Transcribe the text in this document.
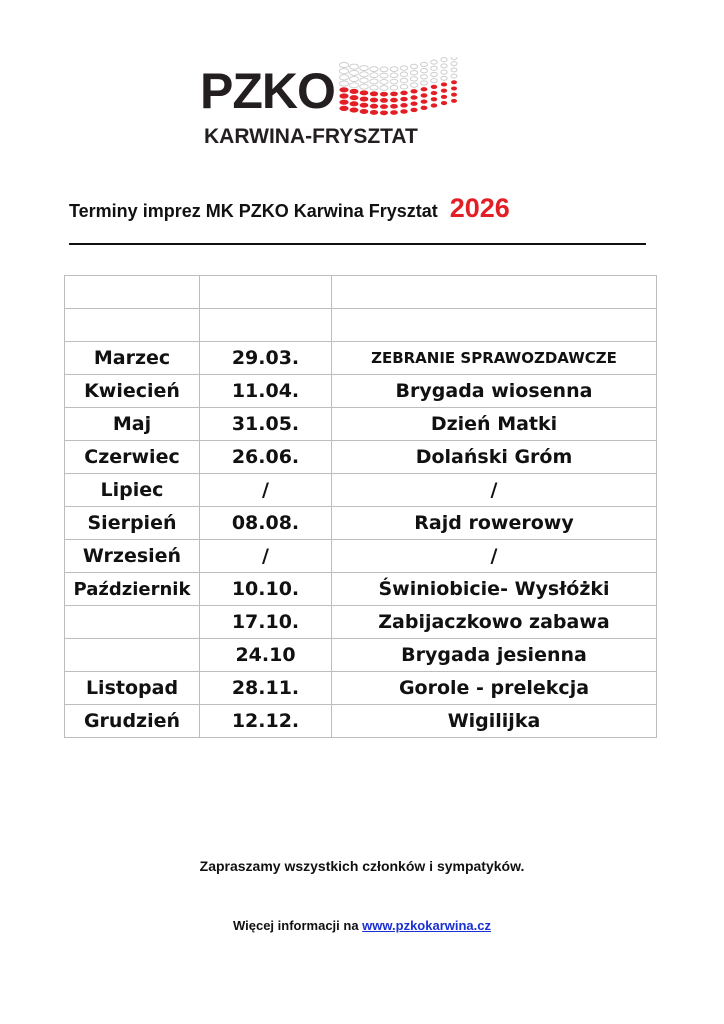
PZKO
KARWINA-FRYSZTAT
Terminy imprez MK PZKO Karwina Frysztat 2026

Marzec	29.03.	ZEBRANIE SPRAWOZDAWCZE
Kwiecień	11.04.	Brygada wiosenna
Maj	31.05.	Dzień Matki
Czerwiec	26.06.	Dolański Gróm
Lipiec	/	/
Sierpień	08.08.	Rajd rowerowy
Wrzesień	/	/
Październik	10.10.	Świniobicie- Wysłóżki
	17.10.	Zabijaczkowo zabawa
	24.10	Brygada jesienna
Listopad	28.11.	Gorole - prelekcja
Grudzień	12.12.	Wigilijka
Zapraszamy wszystkich członków i sympatyków.
Więcej informacji na www.pzkokarwina.cz
